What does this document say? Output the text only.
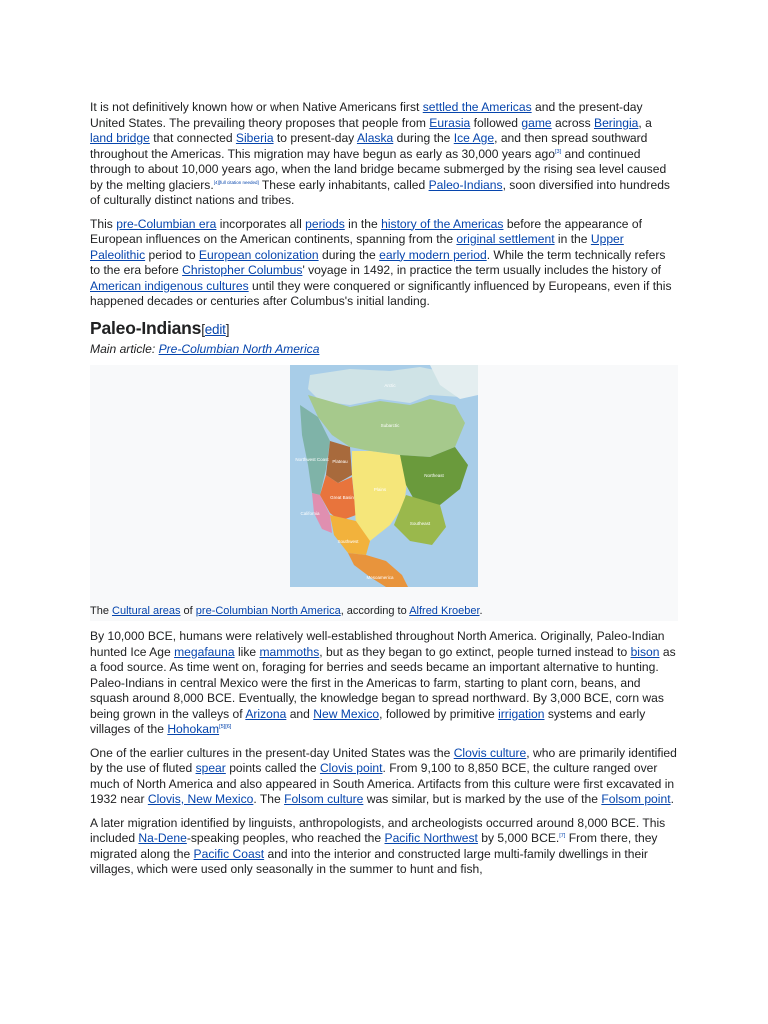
It is not definitively known how or when Native Americans first settled the Americas and the present-day United States. The prevailing theory proposes that people from Eurasia followed game across Beringia, a land bridge that connected Siberia to present-day Alaska during the Ice Age, and then spread southward throughout the Americas. This migration may have begun as early as 30,000 years ago[3] and continued through to about 10,000 years ago, when the land bridge became submerged by the rising sea level caused by the melting glaciers.[4][full citation needed] These early inhabitants, called Paleo-Indians, soon diversified into hundreds of culturally distinct nations and tribes.

This pre-Columbian era incorporates all periods in the history of the Americas before the appearance of European influences on the American continents, spanning from the original settlement in the Upper Paleolithic period to European colonization during the early modern period. While the term technically refers to the era before Christopher Columbus' voyage in 1492, in practice the term usually includes the history of American indigenous cultures until they were conquered or significantly influenced by Europeans, even if this happened decades or centuries after Columbus's initial landing.

Paleo-Indians[edit]
Main article: Pre-Columbian North America
Arctic
Subarctic
Northwest Coast Plateau
California
Great Basin
Plains
Northeast
Southeast
Southwest
Mesoamerica
The Cultural areas of pre-Columbian North America, according to Alfred Kroeber.

By 10,000 BCE, humans were relatively well-established throughout North America. Originally, Paleo-Indian hunted Ice Age megafauna like mammoths, but as they began to go extinct, people turned instead to bison as a food source. As time went on, foraging for berries and seeds became an important alternative to hunting. Paleo-Indians in central Mexico were the first in the Americas to farm, starting to plant corn, beans, and squash around 8,000 BCE. Eventually, the knowledge began to spread northward. By 3,000 BCE, corn was being grown in the valleys of Arizona and New Mexico, followed by primitive irrigation systems and early villages of the Hohokam[5][6]

One of the earlier cultures in the present-day United States was the Clovis culture, who are primarily identified by the use of fluted spear points called the Clovis point. From 9,100 to 8,850 BCE, the culture ranged over much of North America and also appeared in South America. Artifacts from this culture were first excavated in 1932 near Clovis, New Mexico. The Folsom culture was similar, but is marked by the use of the Folsom point.

A later migration identified by linguists, anthropologists, and archeologists occurred around 8,000 BCE. This included Na-Dene-speaking peoples, who reached the Pacific Northwest by 5,000 BCE.[7] From there, they migrated along the Pacific Coast and into the interior and constructed large multi-family dwellings in their villages, which were used only seasonally in the summer to hunt and fish,
